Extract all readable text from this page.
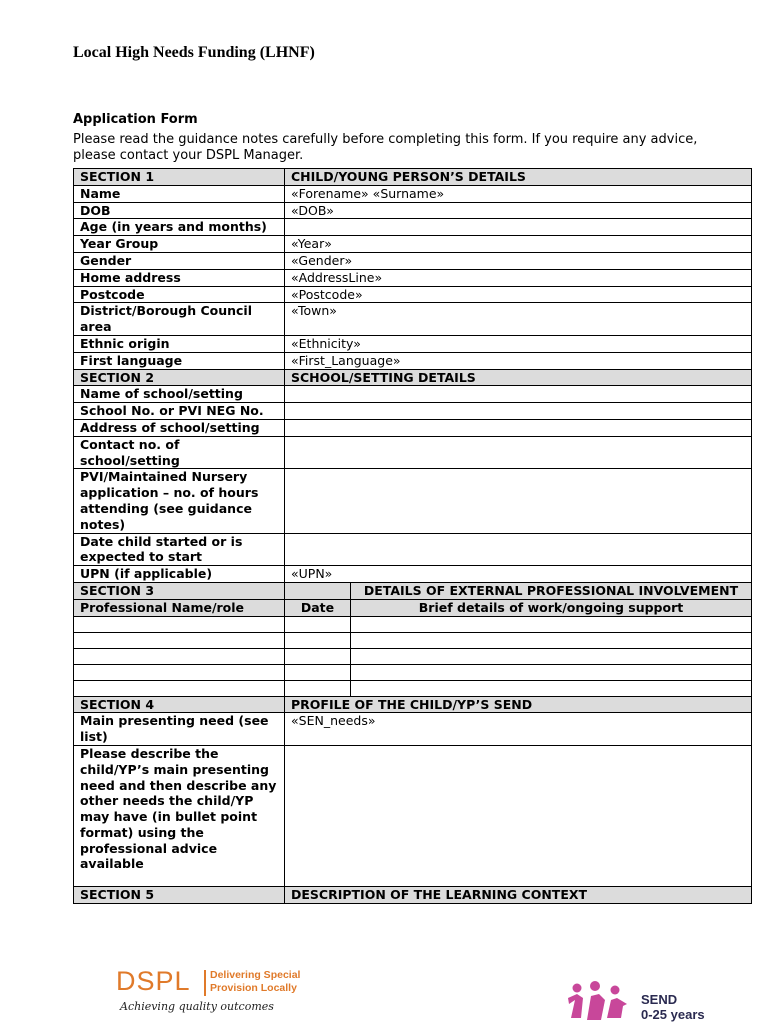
Local High Needs Funding (LHNF)
Application Form
Please read the guidance notes carefully before completing this form. If you require any advice, please contact your DSPL Manager.
SECTION 1	CHILD/YOUNG PERSON’S DETAILS	
Name	«Forename» «Surname»	
DOB	«DOB»	
Age (in years and months)		
Year Group	«Year»	
Gender	«Gender»	
Home address	«AddressLine»	
Postcode	«Postcode»	
District/Borough Council area	«Town»	
Ethnic origin	«Ethnicity»	
First language	«First_Language»	
SECTION 2	SCHOOL/SETTING DETAILS	
Name of school/setting		
School No. or PVI NEG No.		
Address of school/setting		
Contact no. of school/setting		
PVI/Maintained Nursery application – no. of hours attending (see guidance notes)		
Date child started or is expected to start		
UPN (if applicable)	«UPN»	
SECTION 3		DETAILS OF EXTERNAL PROFESSIONAL INVOLVEMENT
Professional Name/role	Date	Brief details of work/ongoing support

SECTION 4	PROFILE OF THE CHILD/YP’S SEND	
Main presenting need (see list)	«SEN_needs»	
Please describe the child/YP’s main presenting need and then describe any other needs the child/YP may have (in bullet point format) using the professional advice available		
SECTION 5	DESCRIPTION OF THE LEARNING CONTEXT	
DSPL Delivering Special
Provision Locally
Achieving quality outcomes	SEND
0-25 years
